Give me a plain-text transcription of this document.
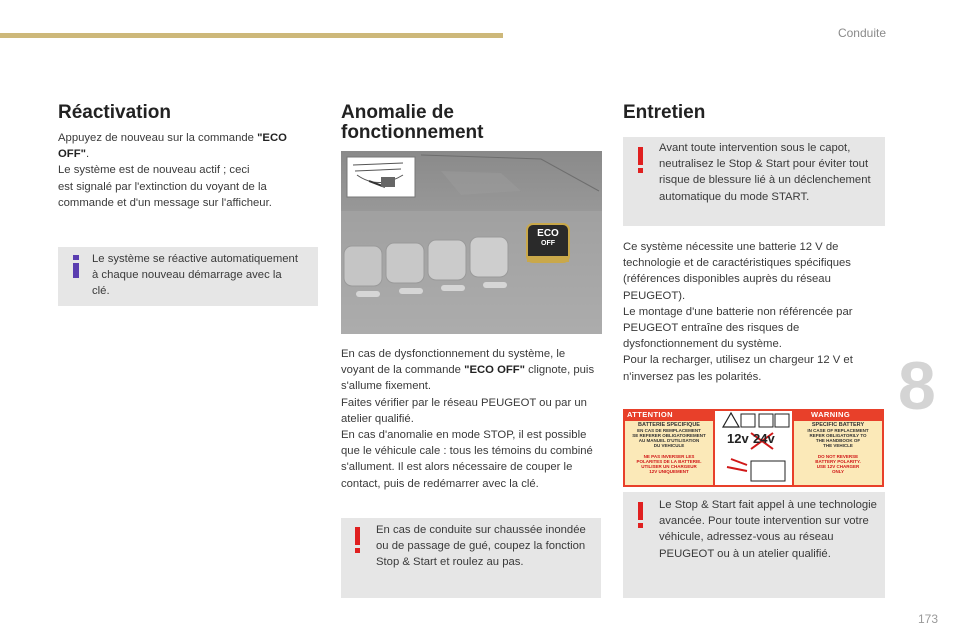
Conduite
8
173
Réactivation

Appuyez de nouveau sur la commande "ECO OFF".

Le système est de nouveau actif ; ceci
est signalé par l'extinction du voyant de la
commande et d'un message sur l'afficheur.

Le système se réactive automatiquement à chaque nouveau démarrage avec la clé.
Anomalie de
fonctionnement
ECO
OFF

En cas de dysfonctionnement du système, le voyant de la commande "ECO OFF" clignote, puis s'allume fixement.

Faites vérifier par le réseau PEUGEOT ou par un atelier qualifié.

En cas d'anomalie en mode STOP, il est possible que le véhicule cale : tous les témoins du combiné s'allument. Il est alors nécessaire de couper le contact, puis de redémarrer avec la clé.

En cas de conduite sur chaussée inondée ou de passage de gué, coupez la fonction Stop & Start et roulez au pas.
Entretien
Avant toute intervention sous le capot, neutralisez le Stop & Start pour éviter tout risque de blessure lié à un déclenchement automatique du mode START.

Ce système nécessite une batterie 12 V de technologie et de caractéristiques spécifiques (références disponibles auprès du réseau PEUGEOT).

Le montage d'une batterie non référencée par PEUGEOT entraîne des risques de dysfonctionnement du système.

Pour la recharger, utilisez un chargeur 12 V et n'inversez pas les polarités.

ATTENTION	WARNING
12v 24v
BATTERIE SPECIFIQUE
EN CAS DE REMPLACEMENT
SE REFERER OBLIGATOIREMENT
AU MANUEL D'UTILISATION
DU VEHICULE
NE PAS INVERSER LES
POLARITES DE LA BATTERIE.
UTILISER UN CHARGEUR
12V UNIQUEMENT
SPECIFIC BATTERY
IN CASE OF REPLACEMENT
REFER OBLIGATORILY TO
THE HANDBOOK OF
THE VEHICLE
DO NOT REVERSE
BATTERY POLARITY.
USE 12V CHARGER
ONLY
Le Stop & Start fait appel à une technologie avancée. Pour toute intervention sur votre véhicule, adressez-vous au réseau PEUGEOT ou à un atelier qualifié.
